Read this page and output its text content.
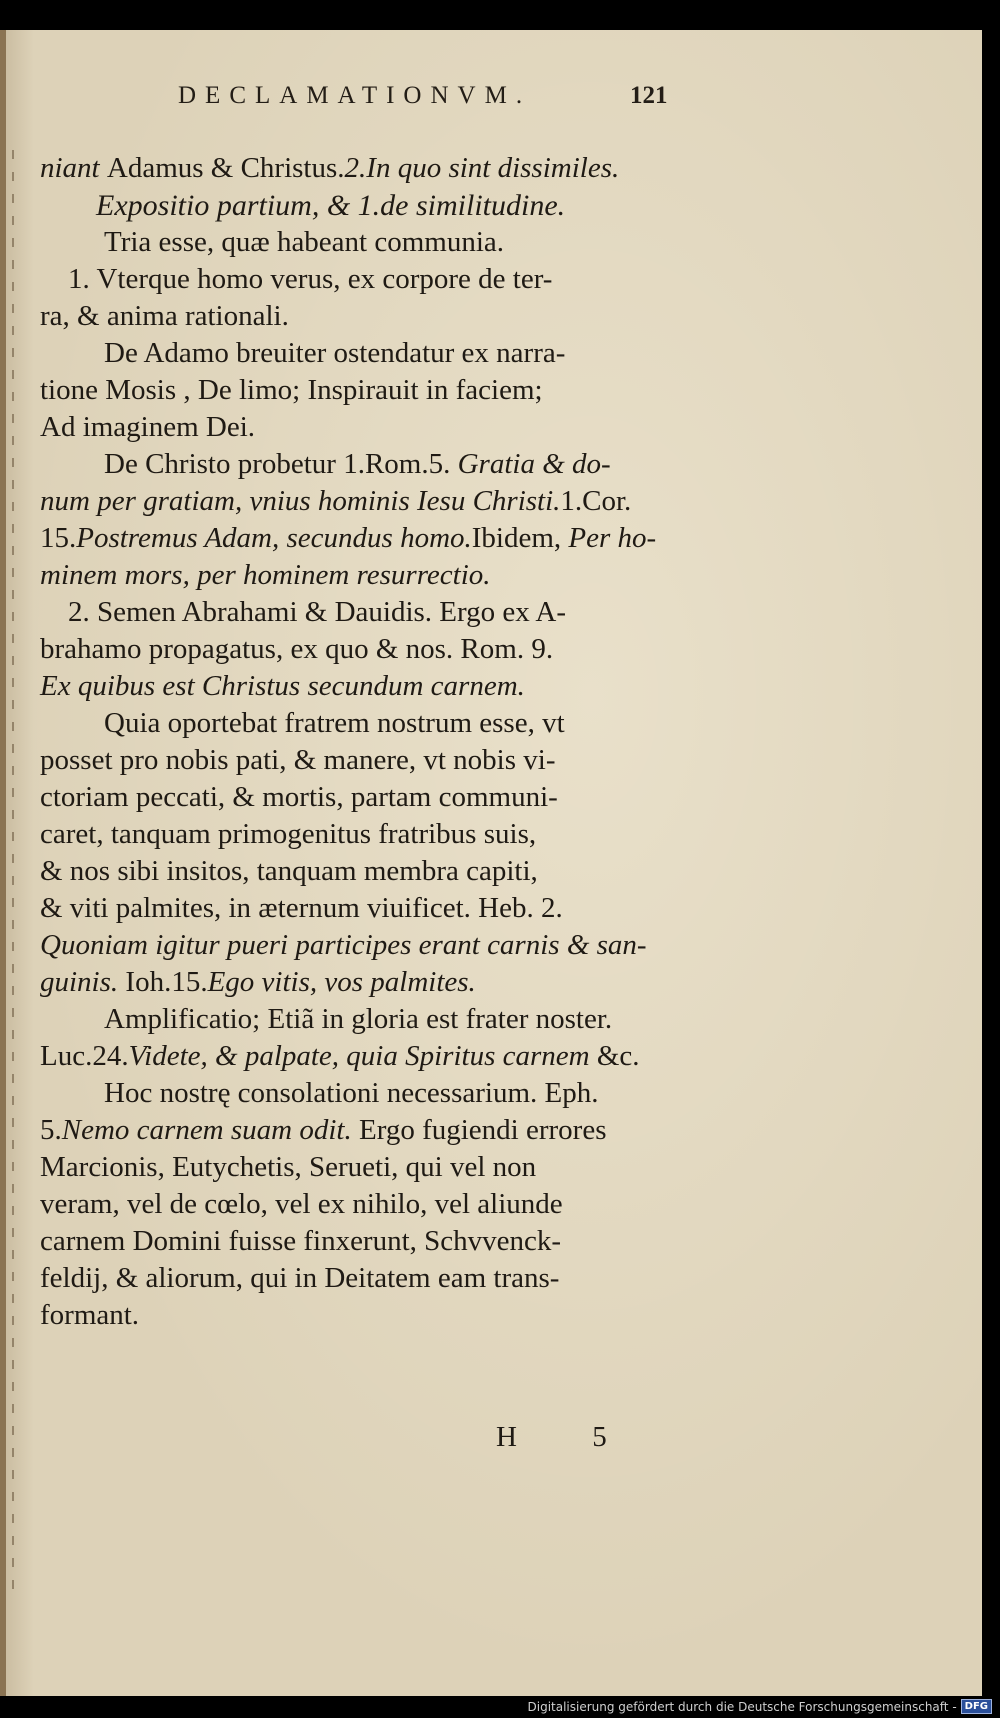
DECLAMATIONVM.	121
niant Adamus & Christus.2.In quo sint dissimiles.
Expositio partium, & 1.de similitudine.
Tria esse, quæ habeant communia.
1. Vterque homo verus, ex corpore de ter-
ra, & anima rationali.
De Adamo breuiter ostendatur ex narra-
tione Mosis , De limo; Inspirauit in faciem;
Ad imaginem Dei.
De Christo probetur 1.Rom.5. Gratia & do-
num per gratiam, vnius hominis Iesu Christi.1.Cor.
15.Postremus Adam, secundus homo.Ibidem, Per ho-
minem mors, per hominem resurrectio.
2. Semen Abrahami & Dauidis. Ergo ex A-
brahamo propagatus, ex quo & nos. Rom. 9.
Ex quibus est Christus secundum carnem.
Quia oportebat fratrem nostrum esse, vt
posset pro nobis pati, & manere, vt nobis vi-
ctoriam peccati, & mortis, partam communi-
caret, tanquam primogenitus fratribus suis,
& nos sibi insitos, tanquam membra capiti,
& viti palmites, in æternum viuificet. Heb. 2.
Quoniam igitur pueri participes erant carnis & san-
guinis. Ioh.15.Ego vitis, vos palmites.
Amplificatio; Etiã in gloria est frater noster.
Luc.24.Videte, & palpate, quia Spiritus carnem &c.
Hoc nostrę consolationi necessarium. Eph.
5.Nemo carnem suam odit. Ergo fugiendi errores
Marcionis, Eutychetis, Serueti, qui vel non
veram, vel de cœlo, vel ex nihilo, vel aliunde
carnem Domini fuisse finxerunt, Schvvenck-
feldij, & aliorum, qui in Deitatem eam trans-
formant.
H 5
Digitalisierung gefördert durch die Deutsche Forschungsgemeinschaft - DFG
